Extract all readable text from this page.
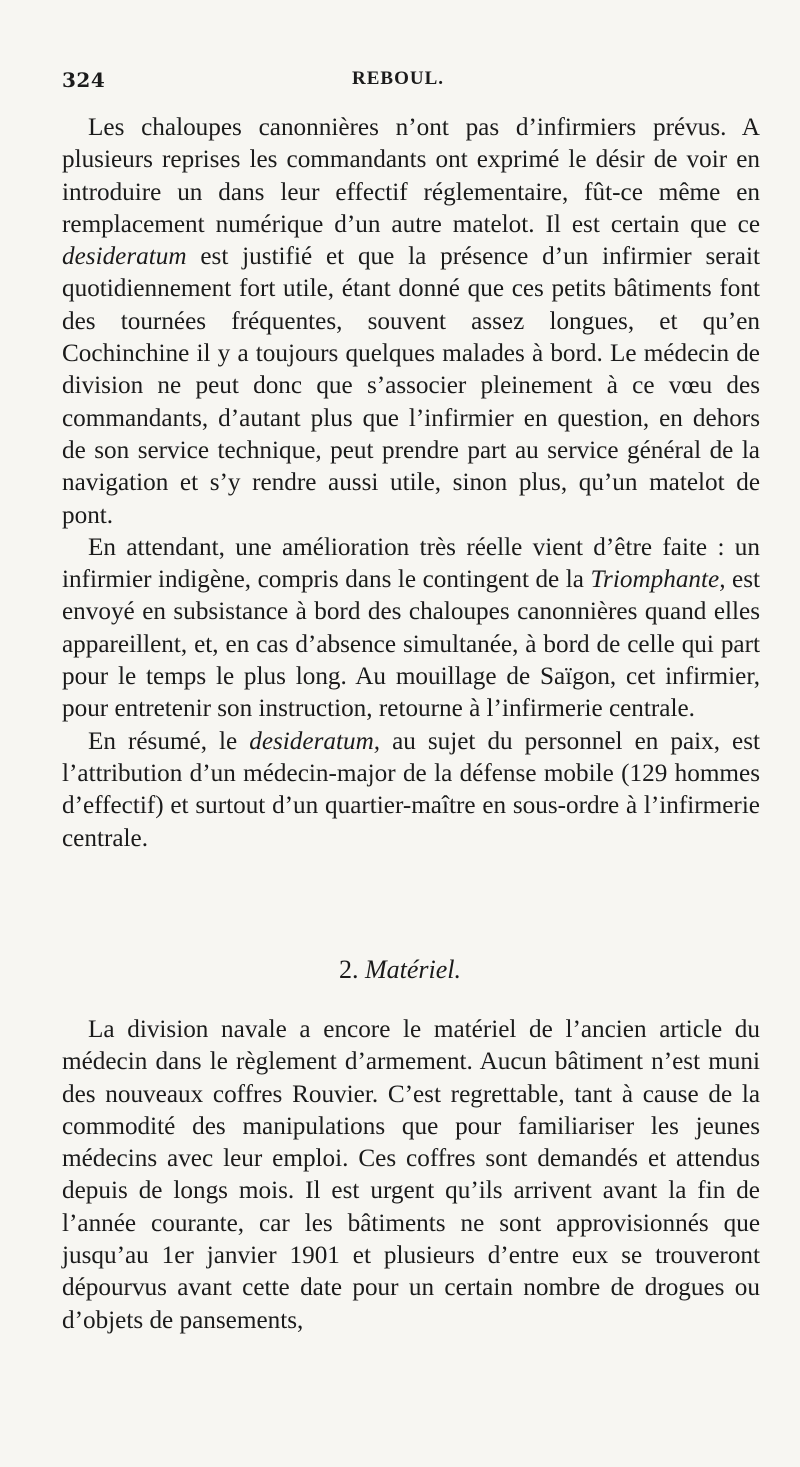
324	REBOUL.

Les chaloupes canonnières n’ont pas d’infirmiers prévus. A plusieurs reprises les commandants ont exprimé le désir de voir en introduire un dans leur effectif réglementaire, fût-ce même en remplacement numérique d’un autre matelot. Il est certain que ce desideratum est justifié et que la présence d’un infirmier serait quotidiennement fort utile, étant donné que ces petits bâtiments font des tournées fréquentes, souvent assez longues, et qu’en Cochinchine il y a toujours quelques malades à bord. Le médecin de division ne peut donc que s’associer pleinement à ce vœu des commandants, d’autant plus que l’infirmier en question, en dehors de son service technique, peut prendre part au service général de la navigation et s’y rendre aussi utile, sinon plus, qu’un matelot de pont.

En attendant, une amélioration très réelle vient d’être faite : un infirmier indigène, compris dans le contingent de la Triomphante, est envoyé en subsistance à bord des chaloupes canonnières quand elles appareillent, et, en cas d’absence simultanée, à bord de celle qui part pour le temps le plus long. Au mouillage de Saïgon, cet infirmier, pour entretenir son instruction, retourne à l’infirmerie centrale.

En résumé, le desideratum, au sujet du personnel en paix, est l’attribution d’un médecin-major de la défense mobile (129 hommes d’effectif) et surtout d’un quartier-maître en sous-ordre à l’infirmerie centrale.

2. Matériel.

La division navale a encore le matériel de l’ancien article du médecin dans le règlement d’armement. Aucun bâtiment n’est muni des nouveaux coffres Rouvier. C’est regrettable, tant à cause de la commodité des manipulations que pour familiariser les jeunes médecins avec leur emploi. Ces coffres sont demandés et attendus depuis de longs mois. Il est urgent qu’ils arrivent avant la fin de l’année courante, car les bâtiments ne sont approvisionnés que jusqu’au 1er janvier 1901 et plusieurs d’entre eux se trouveront dépourvus avant cette date pour un certain nombre de drogues ou d’objets de pansements,
